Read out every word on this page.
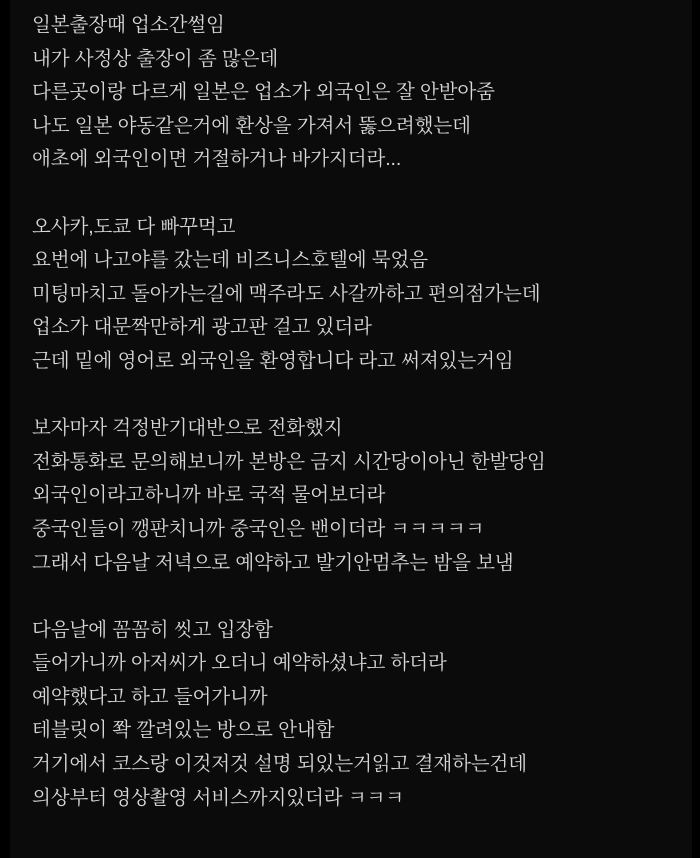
일본출장때 업소간썰임
내가 사정상 출장이 좀 많은데
다른곳이랑 다르게 일본은 업소가 외국인은 잘 안받아줌
나도 일본 야동같은거에 환상을 가져서 뚫으려했는데
애초에 외국인이면 거절하거나 바가지더라...
오사카,도쿄 다 빠꾸먹고
요번에 나고야를 갔는데 비즈니스호텔에 묵었음
미팅마치고 돌아가는길에 맥주라도 사갈까하고 편의점가는데
업소가 대문짝만하게 광고판 걸고 있더라
근데 밑에 영어로 외국인을 환영합니다 라고 써져있는거임
보자마자 걱정반기대반으로 전화했지
전화통화로 문의해보니까 본방은 금지 시간당이아닌 한발당임
외국인이라고하니까 바로 국적 물어보더라
중국인들이 깽판치니까 중국인은 밴이더라 ㅋㅋㅋㅋㅋ
그래서 다음날 저녁으로 예약하고 발기안멈추는 밤을 보냄
다음날에 꼼꼼히 씻고 입장함
들어가니까 아저씨가 오더니 예약하셨냐고 하더라
예약했다고 하고 들어가니까
테블릿이 쫙 깔려있는 방으로 안내함
거기에서 코스랑 이것저것 설명 되있는거읽고 결재하는건데
의상부터 영상촬영 서비스까지있더라 ㅋㅋㅋ
